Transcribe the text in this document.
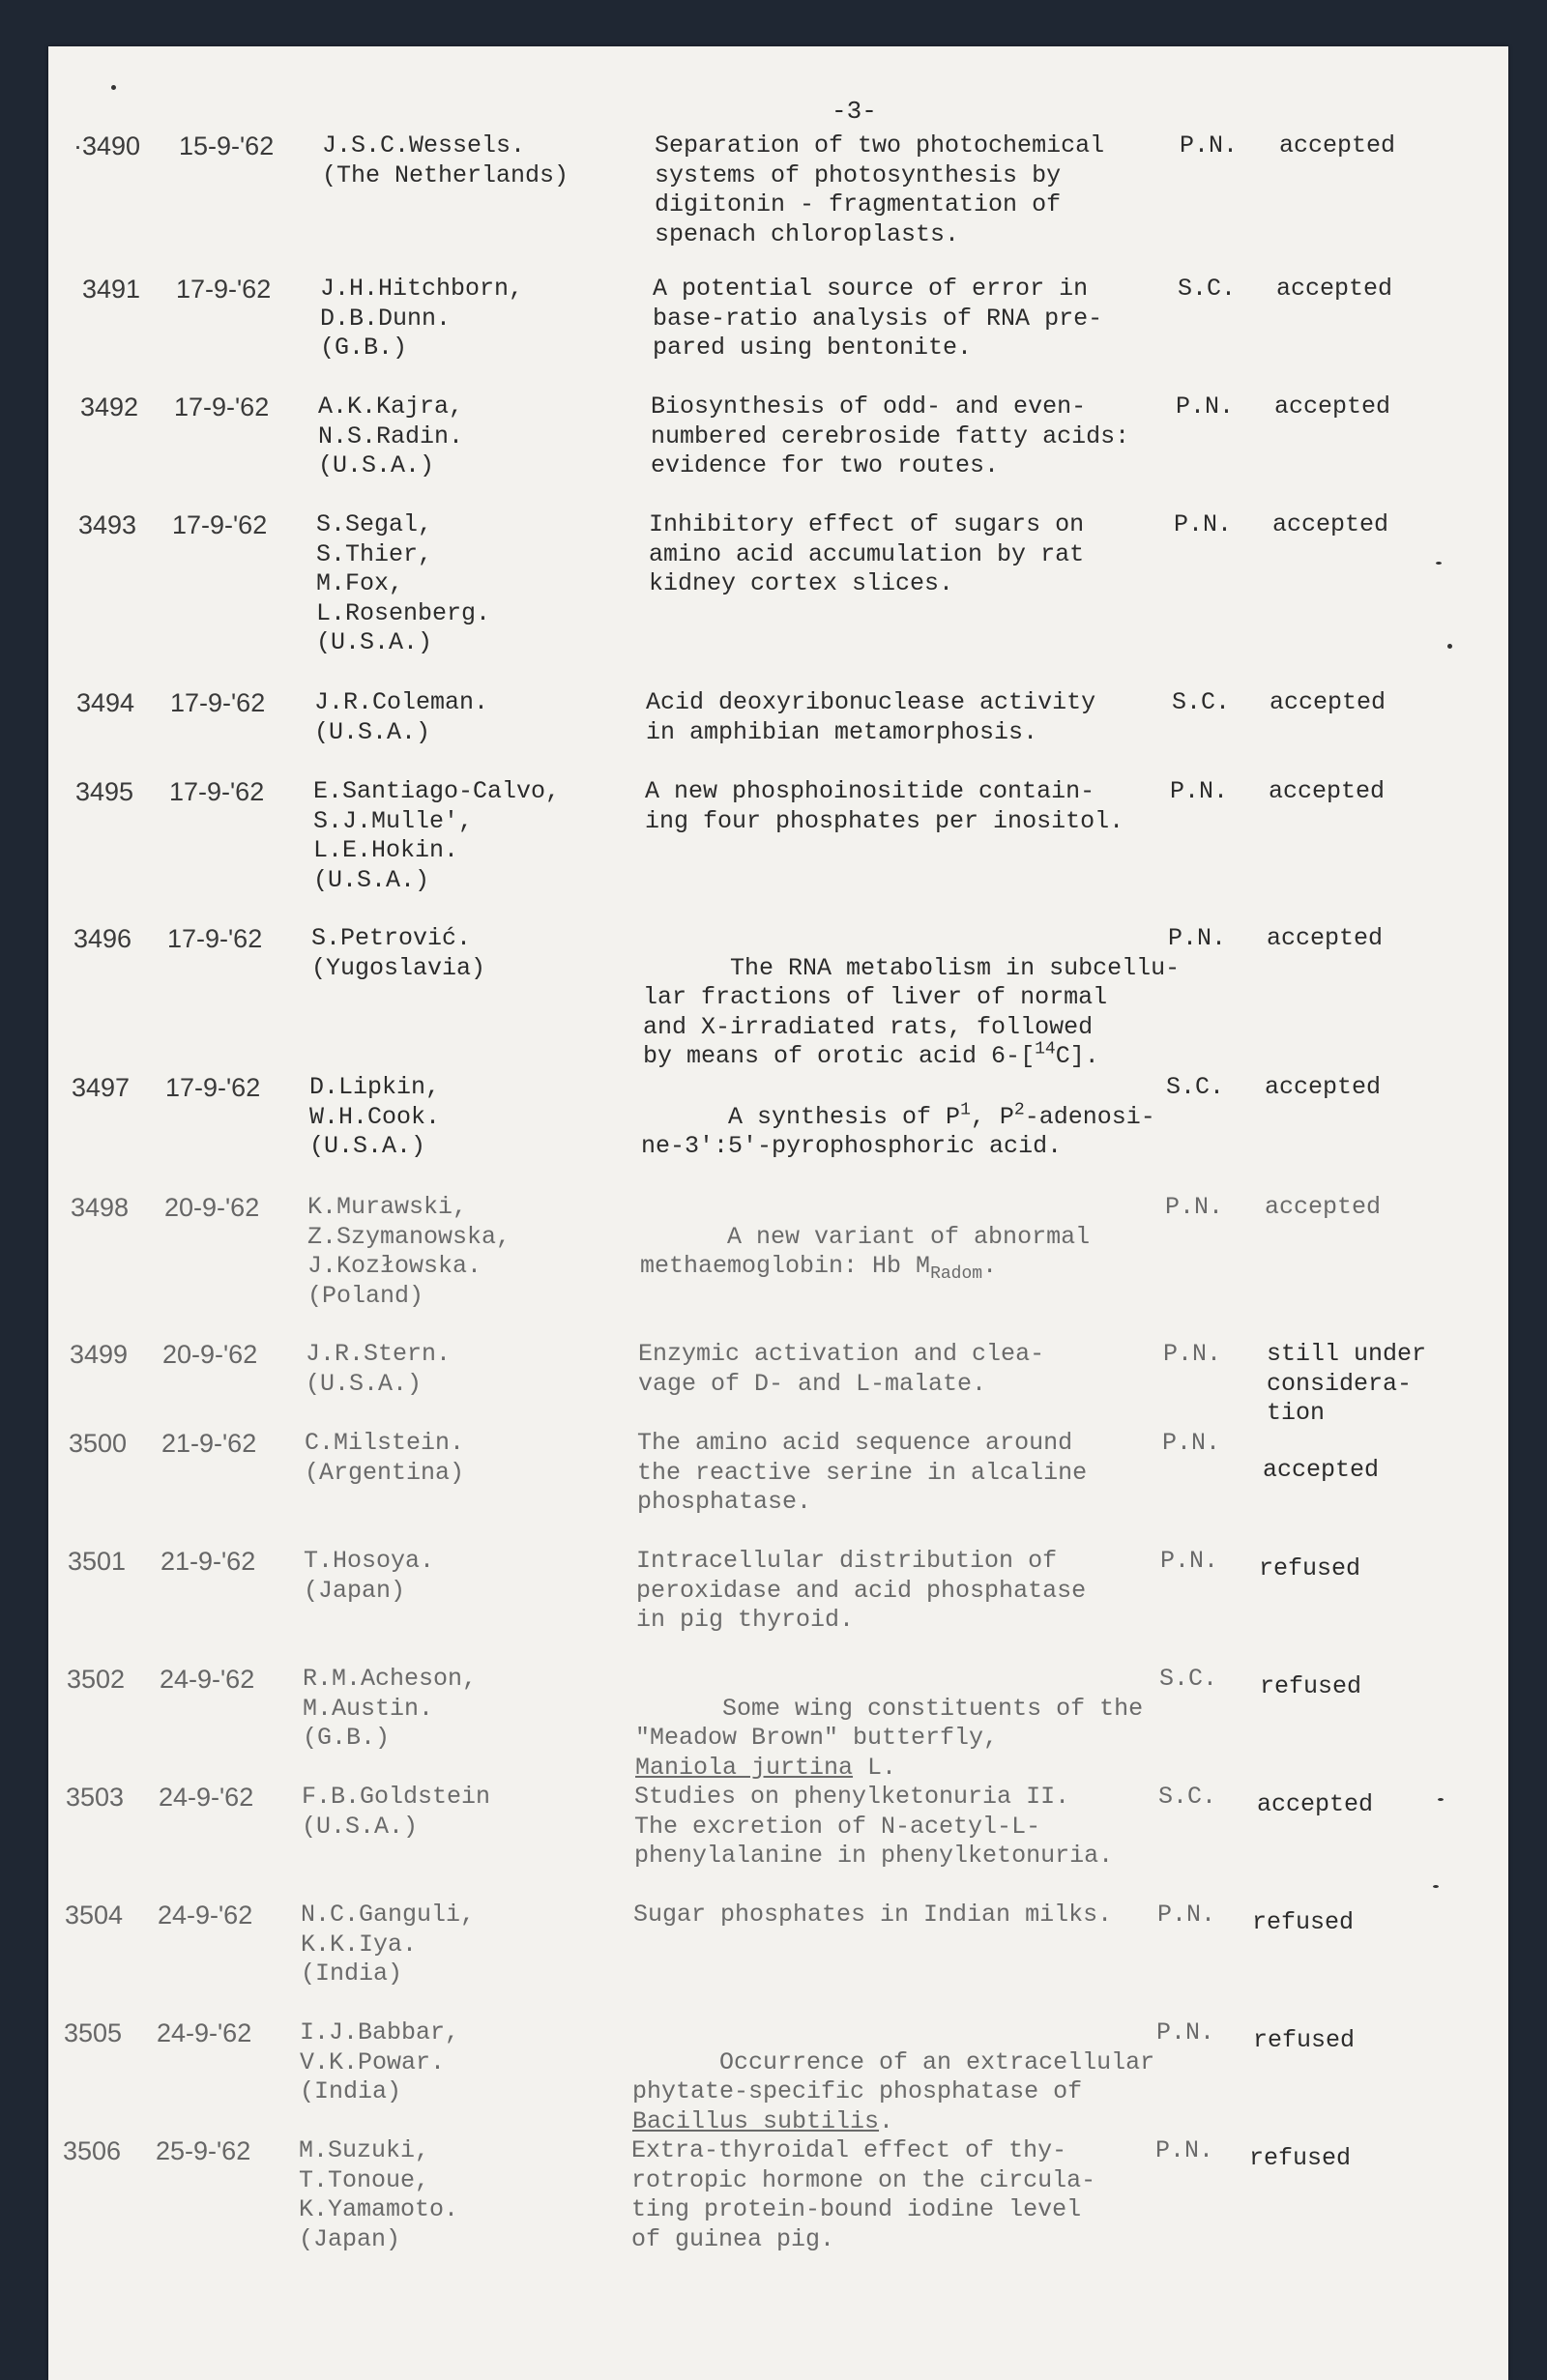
-3-
·3490 15-9-'62 J.S.C.Wessels.
(The Netherlands)
Separation of two photochemical
systems of photosynthesis by
digitonin - fragmentation of
spenach chloroplasts.
P.N. accepted
3491 17-9-'62 J.H.Hitchborn,
D.B.Dunn.
(G.B.)
A potential source of error in
base-ratio analysis of RNA pre-
pared using bentonite.
S.C. accepted
3492 17-9-'62 A.K.Kajra,
N.S.Radin.
(U.S.A.)
Biosynthesis of odd- and even-
numbered cerebroside fatty acids:
evidence for two routes.
P.N. accepted
3493 17-9-'62 S.Segal,
S.Thier,
M.Fox,
L.Rosenberg.
(U.S.A.)
Inhibitory effect of sugars on
amino acid accumulation by rat
kidney cortex slices.
P.N. accepted
3494 17-9-'62 J.R.Coleman.
(U.S.A.)
Acid deoxyribonuclease activity
in amphibian metamorphosis.
S.C. accepted
3495 17-9-'62 E.Santiago-Calvo,
S.J.Mulle',
L.E.Hokin.
(U.S.A.)
A new phosphoinositide contain-
ing four phosphates per inositol.
P.N. accepted
3496 17-9-'62 S.Petrović.
(Yugoslavia)	The RNA metabolism in subcellu-
lar fractions of liver of normal
and X-irradiated rats, followed
by means of orotic acid 6-[$^{14}$C].

P.N. accepted
3497 17-9-'62 D.Lipkin,
W.H.Cook.
(U.S.A.)

A synthesis of $P^1$, $P^2-adenosi-$
ne-3':5'-pyrophosphoric acid.

S.C. accepted
3498 20-9-'62 K.Murawski,
Z.Szymanowska,
J.Kozłowska.
(Poland)

A new variant of abnormal
methaemoglobin: Hb $M_{Radom}$.

P.N. accepted
3499 20-9-'62 J.R.Stern.
(U.S.A.)
Enzymic activation and clea-
vage of D- and L-malate.
P.N. still under
considera-
tion
3500 21-9-'62 C.Milstein.
(Argentina)
The amino acid sequence around
the reactive serine in alcaline
phosphatase.
P.N.
accepted
3501 21-9-'62 T.Hosoya.
(Japan)
Intracellular distribution of
peroxidase and acid phosphatase
in pig thyroid.
P.N. refused
3502 24-9-'62 R.M.Acheson,
M.Austin.
(G.B.)

Some wing constituents of the
"Meadow Brown" butterfly,
Maniola jurtina L.

S.C. refused
3503 24-9-'62 F.B.Goldstein
(U.S.A.)
Studies on phenylketonuria II.
The excretion of N-acetyl-L-
phenylalanine in phenylketonuria.
S.C. accepted
3504 24-9-'62 N.C.Ganguli,
K.K.Iya.
(India)
Sugar phosphates in Indian milks. P.N. refused
3505 24-9-'62 I.J.Babbar,
V.K.Powar.
(India)

Occurrence of an extracellular
phytate-specific phosphatase of
Bacillus subtilis.

P.N. refused
3506 25-9-'62 M.Suzuki,
T.Tonoue,
K.Yamamoto.
(Japan)
Extra-thyroidal effect of thy-
rotropic hormone on the circula-
ting protein-bound iodine level
of guinea pig.
P.N. refused
